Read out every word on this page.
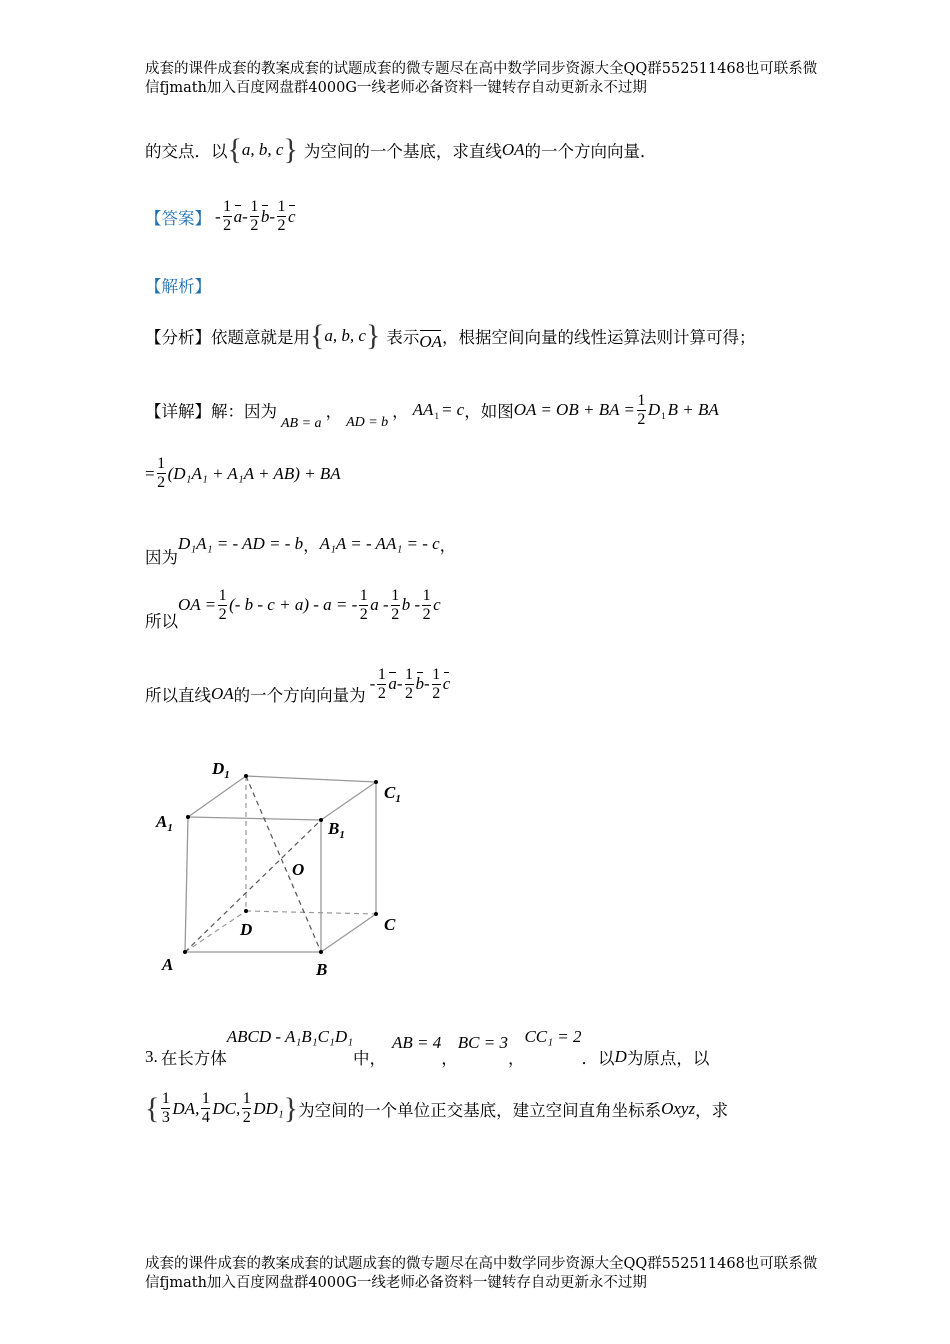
成套的课件成套的教案成套的试题成套的微专题尽在高中数学同步资源大全QQ群552511468也可联系微信fjmath加入百度网盘群4000G一线老师必备资料一键转存自动更新永不过期
的交点．以 { a, b, c } 为空间的一个基底，求直线 OA 的一个方向向量．
【答案】 - $\frac{1}{2}$ a - $\frac{1}{2}$ b - $\frac{1}{2}$ c
【解析】
【分析】 依题意就是用 { a, b, c } 表示 OA ，根据空间向量的线性运算法则计算可得；
【详解】 解：因为
AB = a
，
AD = b
， $AA_1 = c$ ，如图 OA = OB + BA = $\frac{1}{2} D_1$ B + BA
= $\frac{1}{2} (D_1A_1 + A_1A + AB)$ + BA
因为
D₁A₁ = - AD = - b ， A₁A = - AA₁ = - c ，
所以
OA = $\frac{1}{2}$ (- b - c + a) - a = - $\frac{1}{2}$ a - $\frac{1}{2}$ b - $\frac{1}{2}$ c
所以直线 OA 的一个方向向量为
- $\frac{1}{2}$ a - $\frac{1}{2}$ b - $\frac{1}{2}$ c
$D_1$
$C_1$
$A_1$	$B_1$
O
D	C
A	B
3. 在长方体
ABCD - A₁B₁C₁D₁
中，
AB = 4
，
BC = 3
，
CC₁ = 2
．以 D 为原点，以
{ $\frac{1}{3}$ DA, $\frac{1}{4}$ DC, $\frac{1}{2} DD_1$ } 为空间的一个单位正交基底，建立空间直角坐标系 Oxyz ，求
成套的课件成套的教案成套的试题成套的微专题尽在高中数学同步资源大全QQ群552511468也可联系微信fjmath加入百度网盘群4000G一线老师必备资料一键转存自动更新永不过期
